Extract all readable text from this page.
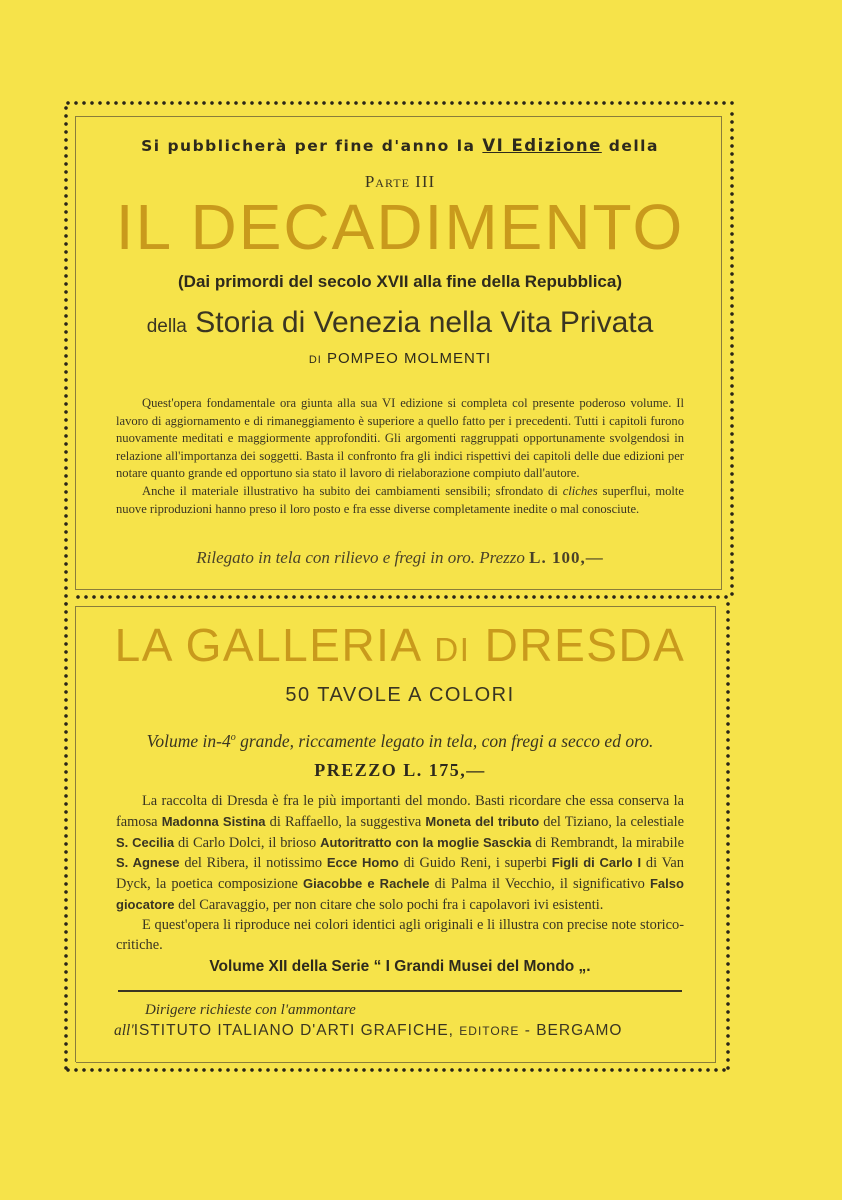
Si pubblicherà per fine d'anno la VI Edizione della
Parte III
IL DECADIMENTO
(Dai primordi del secolo XVII alla fine della Repubblica)
della Storia di Venezia nella Vita Privata
DI POMPEO MOLMENTI

Quest'opera fondamentale ora giunta alla sua VI edizione si completa col presente poderoso volume. Il lavoro di aggiornamento e di rimaneggiamento è superiore a quello fatto per i precedenti. Tutti i capitoli furono nuovamente meditati e maggiormente approfonditi. Gli argomenti raggruppati opportunamente svolgendosi in relazione all'importanza dei soggetti. Basta il confronto fra gli indici rispettivi dei capitoli delle due edizioni per notare quanto grande ed opportuno sia stato il lavoro di rielaborazione compiuto dall'autore.

Anche il materiale illustrativo ha subito dei cambiamenti sensibili; sfrondato di cliches superflui, molte nuove riproduzioni hanno preso il loro posto e fra esse diverse completamente inedite o mal conosciute.

Rilegato in tela con rilievo e fregi in oro. Prezzo L. 100,—
LA GALLERIA DI DRESDA
50 TAVOLE A COLORI
Volume in-4$^o$ grande, riccamente legato in tela, con fregi a secco ed oro.
PREZZO L. 175,—

La raccolta di Dresda è fra le più importanti del mondo. Basti ricordare che essa conserva la famosa Madonna Sistina di Raffaello, la suggestiva Moneta del tributo del Tiziano, la celestiale S. Cecilia di Carlo Dolci, il brioso Autoritratto con la moglie Sasckia di Rembrandt, la mirabile S. Agnese del Ribera, il notissimo Ecce Homo di Guido Reni, i superbi Figli di Carlo I di Van Dyck, la poetica composizione Giacobbe e Rachele di Palma il Vecchio, il significativo Falso giocatore del Caravaggio, per non citare che solo pochi fra i capolavori ivi esistenti.

E quest'opera li riproduce nei colori identici agli originali e li illustra con precise note storico-critiche.

Volume XII della Serie “ I Grandi Musei del Mondo „.
Dirigere richieste con l'ammontare
all'ISTITUTO ITALIANO D'ARTI GRAFICHE, EDITORE - BERGAMO
